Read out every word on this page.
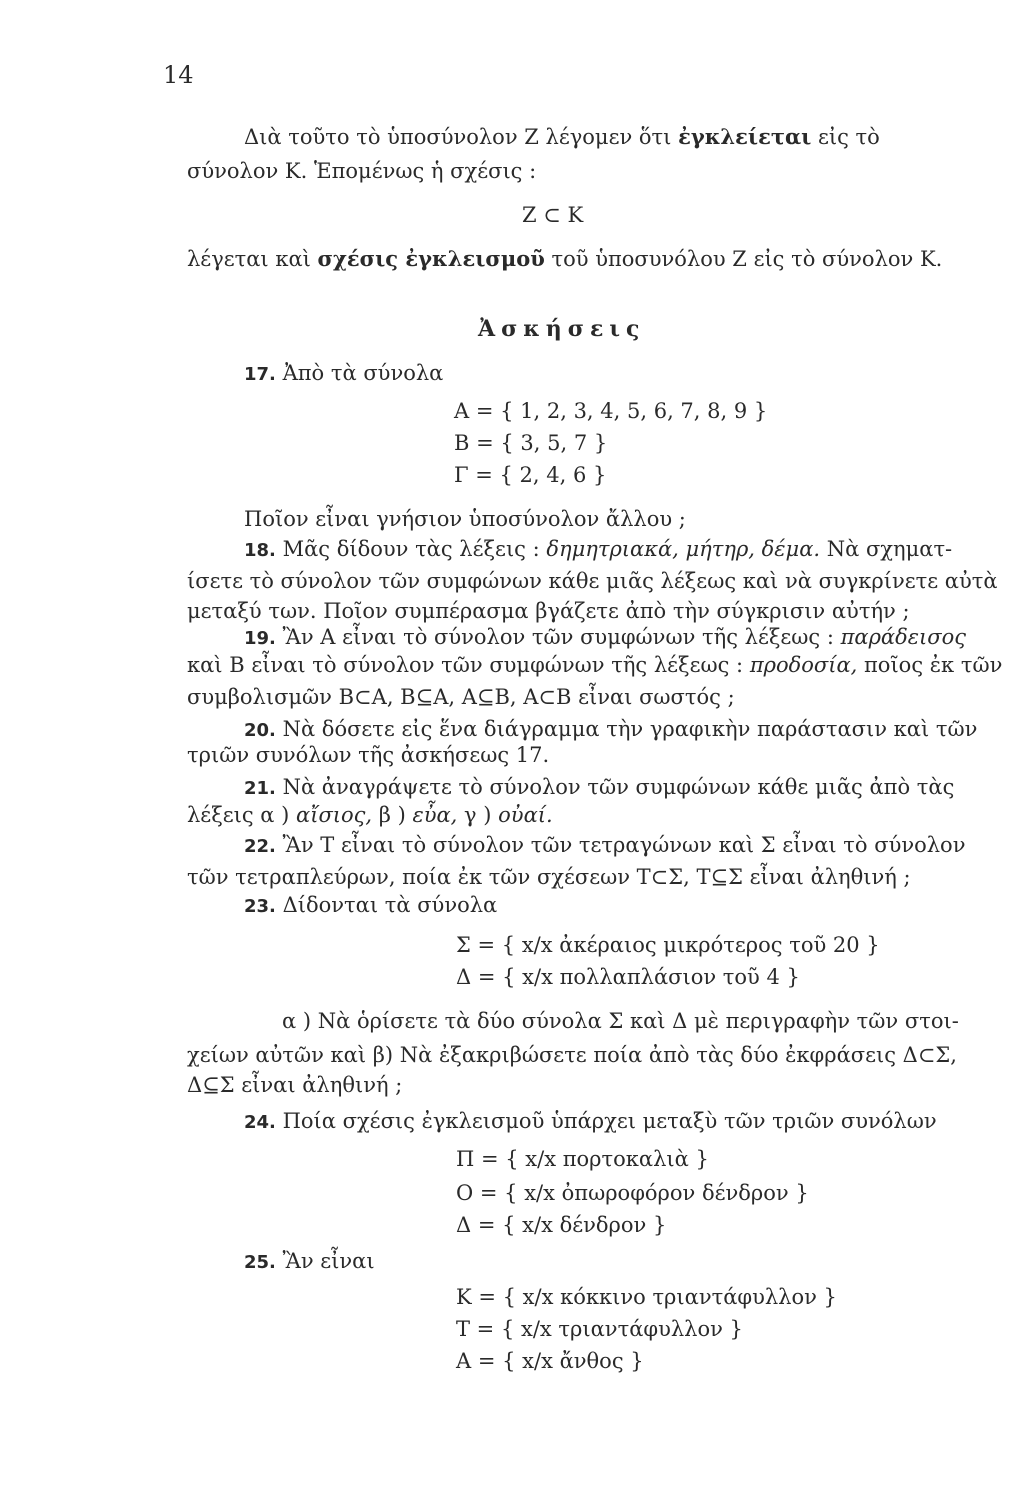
14
Διὰ τοῦτο τὸ ὑποσύνολον Ζ λέγομεν ὅτι ἐγκλείεται εἰς τὸ
σύνολον Κ. Ἑπομένως ἡ σχέσις :
Ζ ⊂ Κ
λέγεται καὶ σχέσις ἐγκλεισμοῦ τοῦ ὑποσυνόλου Ζ εἰς τὸ σύνολον Κ.
Ἀσκήσεις
17. Ἀπὸ τὰ σύνολα
Α = { 1, 2, 3, 4, 5, 6, 7, 8, 9 }
Β = { 3, 5, 7 }
Γ = { 2, 4, 6 }
Ποῖον εἶναι γνήσιον ὑποσύνολον ἄλλου ;
18. Μᾶς δίδουν τὰς λέξεις : δημητριακά, μήτηρ, δέμα. Νὰ σχηματ-
ίσετε τὸ σύνολον τῶν συμφώνων κάθε μιᾶς λέξεως καὶ νὰ συγκρίνετε αὐτὰ
μεταξύ των. Ποῖον συμπέρασμα βγάζετε ἀπὸ τὴν σύγκρισιν αὐτήν ;
19. Ἂν Α εἶναι τὸ σύνολον τῶν συμφώνων τῆς λέξεως : παράδεισος
καὶ Β εἶναι τὸ σύνολον τῶν συμφώνων τῆς λέξεως : προδοσία, ποῖος ἐκ τῶν
συμβολισμῶν Β⊂Α, Β⊆Α, Α⊆Β, Α⊂Β εἶναι σωστός ;
20. Νὰ δόσετε εἰς ἕνα διάγραμμα τὴν γραφικὴν παράστασιν καὶ τῶν
τριῶν συνόλων τῆς ἀσκήσεως 17.
21. Νὰ ἀναγράψετε τὸ σύνολον τῶν συμφώνων κάθε μιᾶς ἀπὸ τὰς
λέξεις α ) αἴσιος, β ) εὖα, γ ) οὐαί.
22. Ἂν Τ εἶναι τὸ σύνολον τῶν τετραγώνων καὶ Σ εἶναι τὸ σύνολον
τῶν τετραπλεύρων, ποία ἐκ τῶν σχέσεων Τ⊂Σ, Τ⊆Σ εἶναι ἀληθινή ;
23. Δίδονται τὰ σύνολα
Σ = { x/x ἀκέραιος μικρότερος τοῦ 20 }
Δ = { x/x πολλαπλάσιον τοῦ 4 }
α ) Νὰ ὁρίσετε τὰ δύο σύνολα Σ καὶ Δ μὲ περιγραφὴν τῶν στοι-
χείων αὐτῶν καὶ β) Νὰ ἐξακριβώσετε ποία ἀπὸ τὰς δύο ἐκφράσεις Δ⊂Σ,
Δ⊆Σ εἶναι ἀληθινή ;
24. Ποία σχέσις ἐγκλεισμοῦ ὑπάρχει μεταξὺ τῶν τριῶν συνόλων
Π = { x/x πορτοκαλιὰ }
Ο = { x/x ὀπωροφόρον δένδρον }
Δ = { x/x δένδρον }
25. Ἂν εἶναι
Κ = { x/x κόκκινο τριαντάφυλλον }
Τ = { x/x τριαντάφυλλον }
Α = { x/x ἄνθος }
